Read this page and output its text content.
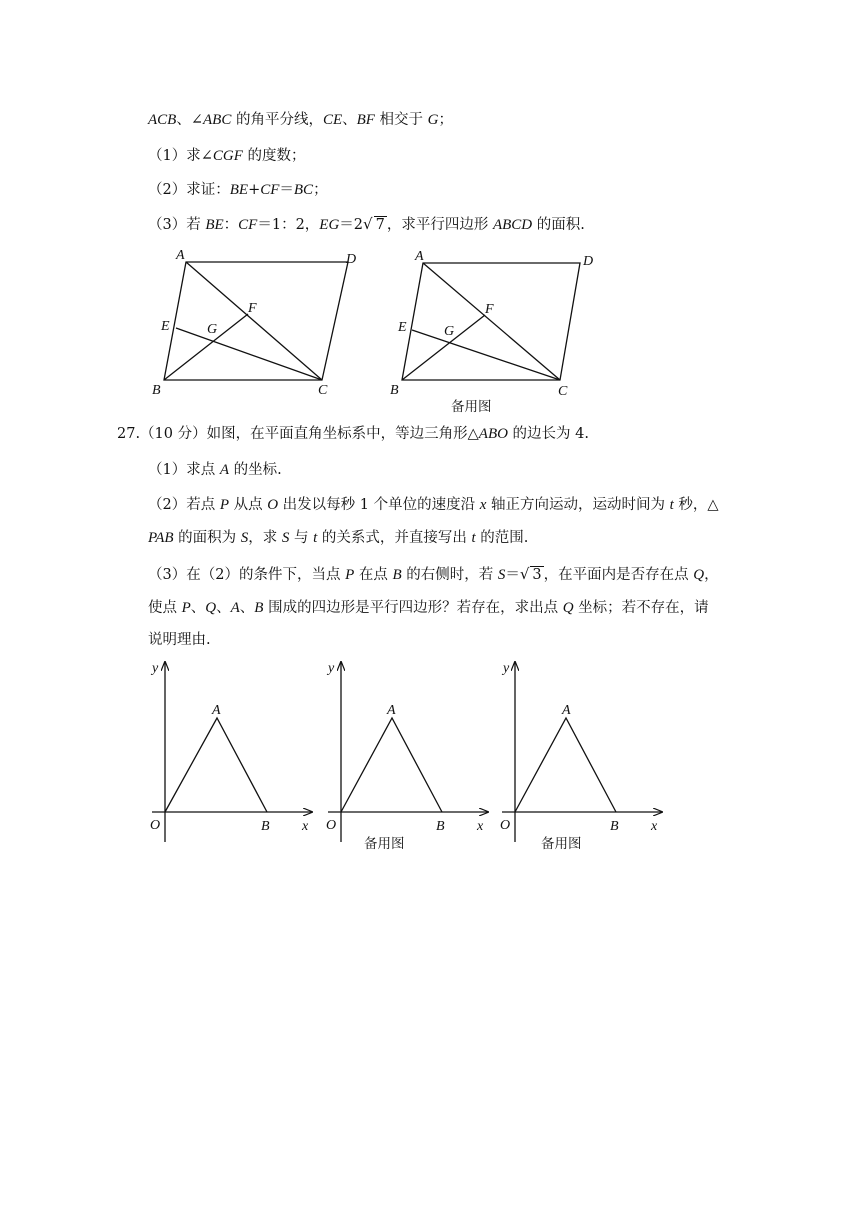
ACB、∠ABC 的角平分线，CE、BF 相交于 G；
（1）求∠CGF 的度数；
（2）求证：BE+CF＝BC；
（3）若 BE：CF＝1：2，EG＝2√ 7 ，求平行四边形 ABCD 的面积.
A	D
E
F
G
B	C
A	D
E
F
G
B	C
备用图
27.（10 分）如图，在平面直角坐标系中，等边三角形△ABO 的边长为 4.
（1）求点 A 的坐标.
（2）若点 P 从点 O 出发以每秒 1 个单位的速度沿 x 轴正方向运动，运动时间为 t 秒，△
PAB 的面积为 S，求 S 与 t 的关系式，并直接写出 t 的范围.
（3）在（2）的条件下，当点 P 在点 B 的右侧时，若 S＝√ 3 ，在平面内是否存在点 Q，
使点 P、Q、A、B 围成的四边形是平行四边形？若存在，求出点 Q 坐标；若不存在，请
说明理由.
y
A
O	B x
y
A
O	B x
备用图
y
A
O	B x
备用图
